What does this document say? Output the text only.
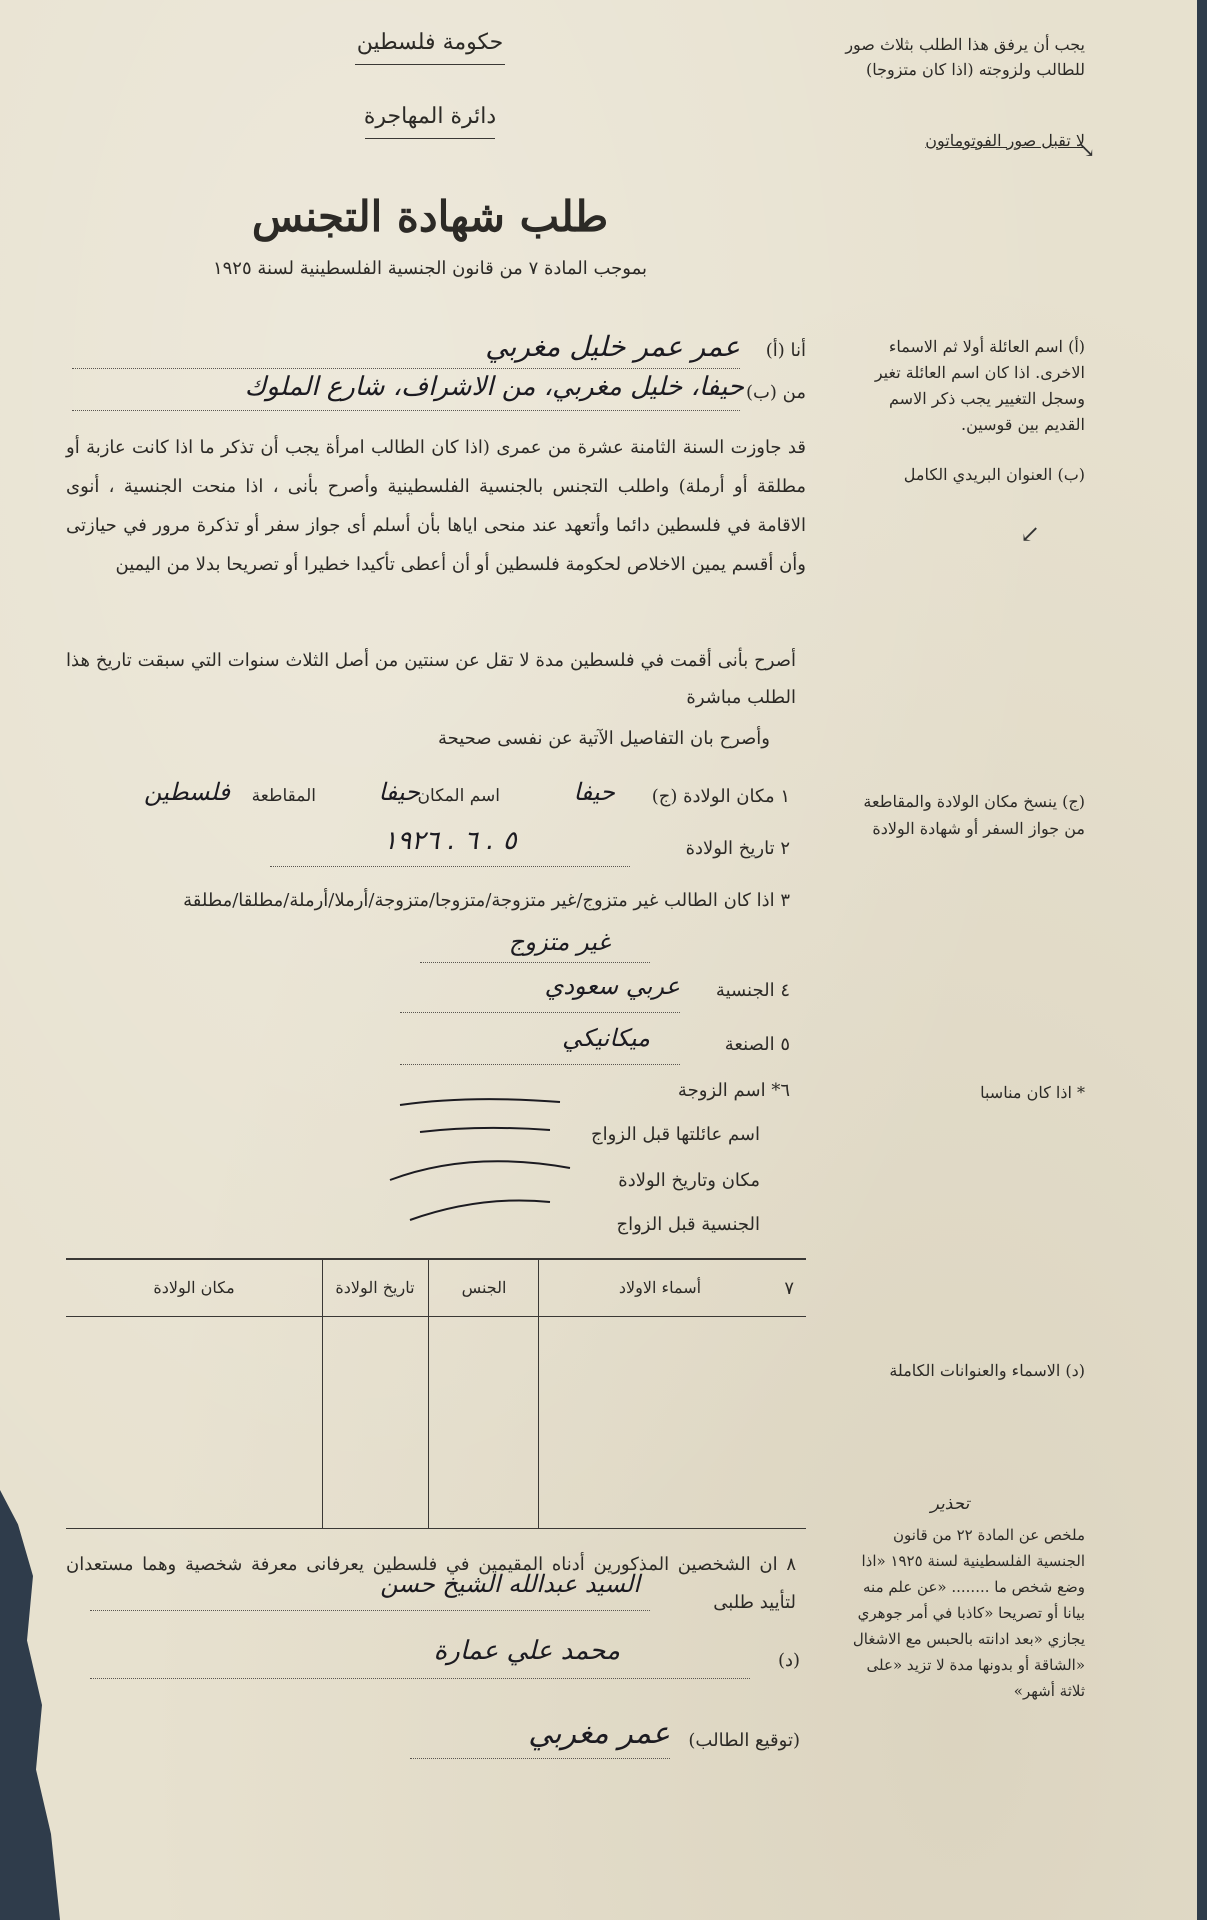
حكومة فلسطين
دائرة المهاجرة
طلب شهادة التجنس
بموجب المادة ٧ من قانون الجنسية الفلسطينية لسنة ١٩٢٥
يجب أن يرفق هذا الطلب بثلاث صور للطالب ولزوجته (اذا كان متزوجا)
لا تقبل صور الفوتوماتون
↘
(أ) اسم العائلة أولا ثم الاسماء الاخرى. اذا كان اسم العائلة تغير وسجل التغيير يجب ذكر الاسم القديم بين قوسين.
(ب) العنوان البريدي الكامل
↙
(ج) ينسخ مكان الولادة والمقاطعة من جواز السفر أو شهادة الولادة
* اذا كان مناسبا
(د) الاسماء والعنوانات الكاملة
تحذير
ملخص عن المادة ٢٢ من قانون الجنسية الفلسطينية لسنة ١٩٢٥ «اذا وضع شخص ما ........ «عن علم منه بيانا أو تصريحا «كاذبا في أمر جوهري يجازي «بعد ادانته بالحبس مع الاشغال «الشاقة أو بدونها مدة لا تزيد «على ثلاثة أشهر»
أنا (أ)
عمر عمر خليل مغربي
من (ب)
حيفا، خليل مغربي، من الاشراف، شارع الملوك
قد جاوزت السنة الثامنة عشرة من عمرى (اذا كان الطالب امرأة يجب أن تذكر ما اذا كانت عازبة أو مطلقة أو أرملة) واطلب التجنس بالجنسية الفلسطينية وأصرح بأنى ، اذا منحت الجنسية ، أنوى الاقامة في فلسطين دائما وأتعهد عند منحى اياها بأن أسلم أى جواز سفر أو تذكرة مرور في حيازتى وأن أقسم يمين الاخلاص لحكومة فلسطين أو أن أعطى تأكيدا خطيرا أو تصريحا بدلا من اليمين
أصرح بأنى أقمت في فلسطين مدة لا تقل عن سنتين من أصل الثلاث سنوات التي سبقت تاريخ هذا الطلب مباشرة
وأصرح بان التفاصيل الآتية عن نفسى صحيحة
١ مكان الولادة (ج)
حيفا
اسم المكان
حيفا
المقاطعة
فلسطين
٢ تاريخ الولادة
٥ . ٦ . ١٩٢٦
٣ اذا كان الطالب غير متزوج/غير متزوجة/متزوجا/متزوجة/أرملا/أرملة/مطلقا/مطلقة
غير متزوج
٤ الجنسية
عربي سعودي
٥ الصنعة
ميكانيكي
٦* اسم الزوجة
اسم عائلتها قبل الزواج
مكان وتاريخ الولادة
الجنسية قبل الزواج
٧
أسماء الاولاد
الجنس
تاريخ الولادة
مكان الولادة
٨ ان الشخصين المذكورين أدناه المقيمين في فلسطين يعرفانى معرفة شخصية وهما مستعدان لتأييد طلبى
السيد عبدالله الشيخ حسن
(د)
محمد علي عمارة
(توقيع الطالب)
عمر مغربي
